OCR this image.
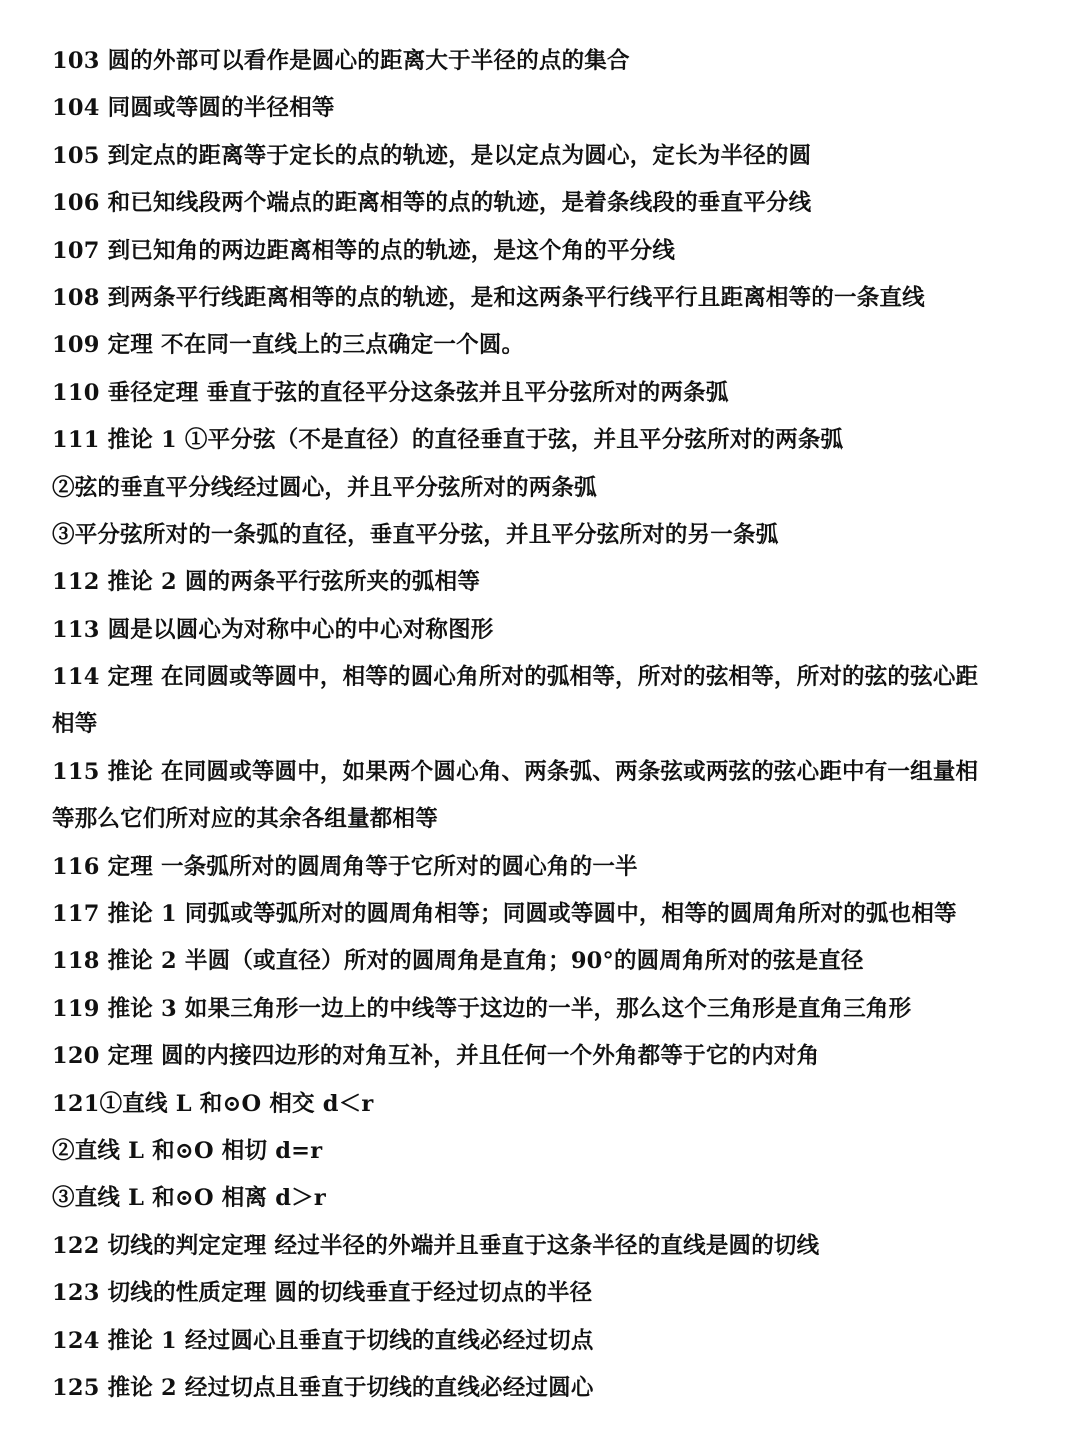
103 圆的外部可以看作是圆心的距离大于半径的点的集合
104 同圆或等圆的半径相等
105 到定点的距离等于定长的点的轨迹，是以定点为圆心，定长为半径的圆
106 和已知线段两个端点的距离相等的点的轨迹，是着条线段的垂直平分线
107 到已知角的两边距离相等的点的轨迹，是这个角的平分线
108 到两条平行线距离相等的点的轨迹，是和这两条平行线平行且距离相等的一条直线
109 定理 不在同一直线上的三点确定一个圆。
110 垂径定理 垂直于弦的直径平分这条弦并且平分弦所对的两条弧
111 推论 1 ①平分弦（不是直径）的直径垂直于弦，并且平分弦所对的两条弧
②弦的垂直平分线经过圆心，并且平分弦所对的两条弧
③平分弦所对的一条弧的直径，垂直平分弦，并且平分弦所对的另一条弧
112 推论 2 圆的两条平行弦所夹的弧相等
113 圆是以圆心为对称中心的中心对称图形
114 定理 在同圆或等圆中，相等的圆心角所对的弧相等，所对的弦相等，所对的弦的弦心距
相等
115 推论 在同圆或等圆中，如果两个圆心角、两条弧、两条弦或两弦的弦心距中有一组量相
等那么它们所对应的其余各组量都相等
116 定理 一条弧所对的圆周角等于它所对的圆心角的一半
117 推论 1 同弧或等弧所对的圆周角相等；同圆或等圆中，相等的圆周角所对的弧也相等
118 推论 2 半圆（或直径）所对的圆周角是直角；90°的圆周角所对的弦是直径
119 推论 3 如果三角形一边上的中线等于这边的一半，那么这个三角形是直角三角形
120 定理 圆的内接四边形的对角互补，并且任何一个外角都等于它的内对角
121①直线 L 和⊙O 相交 d＜r
②直线 L 和⊙O 相切 d=r
③直线 L 和⊙O 相离 d＞r
122 切线的判定定理 经过半径的外端并且垂直于这条半径的直线是圆的切线
123 切线的性质定理 圆的切线垂直于经过切点的半径
124 推论 1 经过圆心且垂直于切线的直线必经过切点
125 推论 2 经过切点且垂直于切线的直线必经过圆心
